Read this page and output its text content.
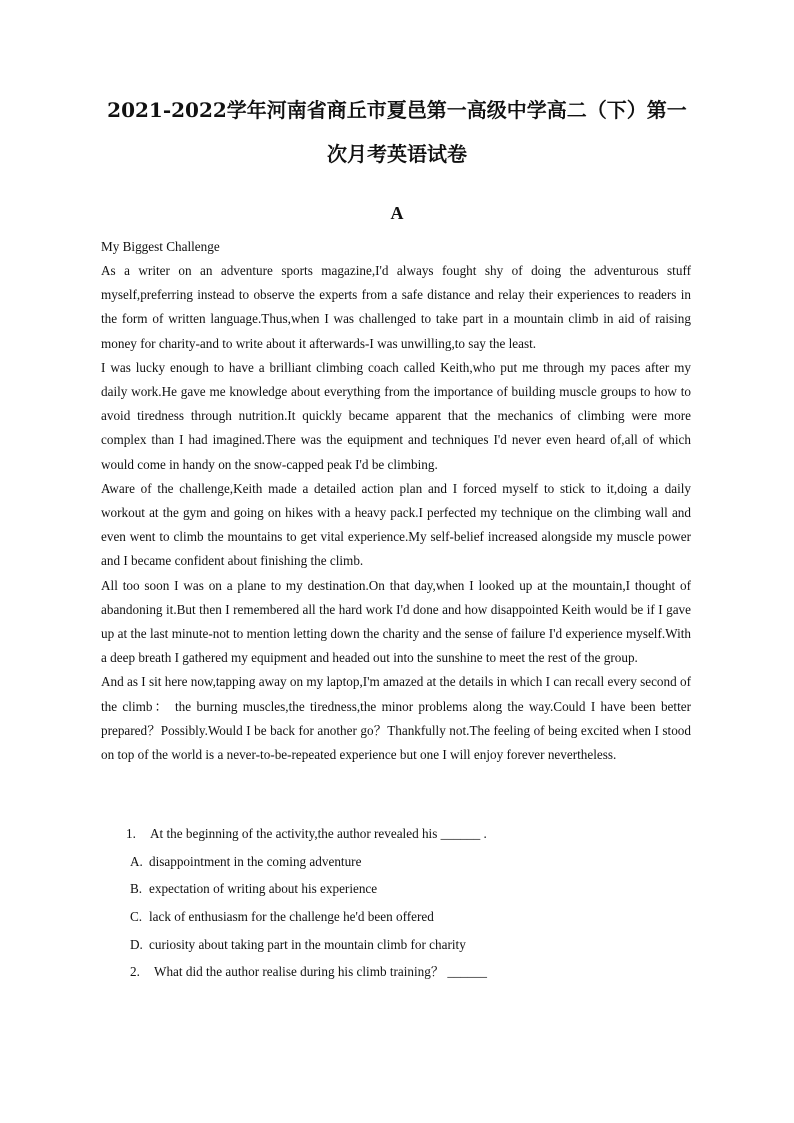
2021-2022学年河南省商丘市夏邑第一高级中学高二（下）第一
次月考英语试卷
A
My Biggest Challenge

As a writer on an adventure sports magazine,I'd always fought shy of doing the adventurous stuff myself,preferring instead to observe the experts from a safe distance and relay their experiences to readers in the form of written language.Thus,when I was challenged to take part in a mountain climb in aid of raising money for charity-and to write about it afterwards-I was unwilling,to say the least.

I was lucky enough to have a brilliant climbing coach called Keith,who put me through my paces after my daily work.He gave me knowledge about everything from the importance of building muscle groups to how to avoid tiredness through nutrition.It quickly became apparent that the mechanics of climbing were more complex than I had imagined.There was the equipment and techniques I'd never even heard of,all of which would come in handy on the snow-capped peak I'd be climbing.

Aware of the challenge,Keith made a detailed action plan and I forced myself to stick to it,doing a daily workout at the gym and going on hikes with a heavy pack.I perfected my technique on the climbing wall and even went to climb the mountains to get vital experience.My self-belief increased alongside my muscle power and I became confident about finishing the climb.

All too soon I was on a plane to my destination.On that day,when I looked up at the mountain,I thought of abandoning it.But then I remembered all the hard work I'd done and how disappointed Keith would be if I gave up at the last minute-not to mention letting down the charity and the sense of failure I'd experience myself.With a deep breath I gathered my equipment and headed out into the sunshine to meet the rest of the group.

And as I sit here now,tapping away on my laptop,I'm amazed at the details in which I can recall every second of the climb： the burning muscles,the tiredness,the minor problems along the way.Could I have been better prepared？Possibly.Would I be back for another go？Thankfully not.The feeling of being excited when I stood on top of the world is a never-to-be-repeated experience but one I will enjoy forever nevertheless.

1. At the beginning of the activity,the author revealed his ______ .
A. disappointment in the coming adventure
B. expectation of writing about his experience
C. lack of enthusiasm for the challenge he'd been offered
D. curiosity about taking part in the mountain climb for charity
2. What did the author realise during his climb training？ ______
